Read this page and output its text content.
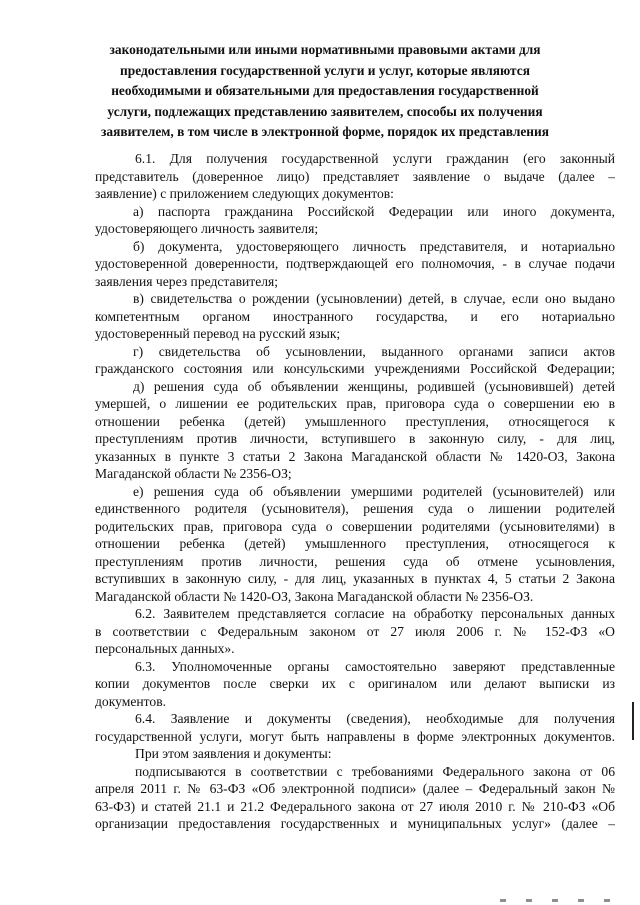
законодательными или иными нормативными правовыми актами для
предоставления государственной услуги и услуг, которые являются
необходимыми и обязательными для предоставления государственной
услуги, подлежащих представлению заявителем, способы их получения
заявителем, в том числе в электронной форме, порядок их представления
6.1. Для получения государственной услуги гражданин (его законный
представитель (доверенное лицо) представляет заявление о выдаче (далее –
заявление) с приложением следующих документов:
а) паспорта гражданина Российской Федерации или иного документа,
удостоверяющего личность заявителя;
б) документа, удостоверяющего личность представителя, и нотариально
удостоверенной доверенности, подтверждающей его полномочия, - в случае подачи
заявления через представителя;
в) свидетельства о рождении (усыновлении) детей, в случае, если оно выдано
компетентным органом иностранного государства, и его нотариально
удостоверенный перевод на русский язык;
г) свидетельства об усыновлении, выданного органами записи актов
гражданского состояния или консульскими учреждениями Российской Федерации;
д) решения суда об объявлении женщины, родившей (усыновившей) детей
умершей, о лишении ее родительских прав, приговора суда о совершении ею в
отношении ребенка (детей) умышленного преступления, относящегося к
преступлениям против личности, вступившего в законную силу, - для лиц,
указанных в пункте 3 статьи 2 Закона Магаданской области № 1420-ОЗ, Закона
Магаданской области № 2356-ОЗ;
е) решения суда об объявлении умершими родителей (усыновителей) или
единственного родителя (усыновителя), решения суда о лишении родителей
родительских прав, приговора суда о совершении родителями (усыновителями) в
отношении ребенка (детей) умышленного преступления, относящегося к
преступлениям против личности, решения суда об отмене усыновления,
вступивших в законную силу, - для лиц, указанных в пунктах 4, 5 статьи 2 Закона
Магаданской области № 1420-ОЗ, Закона Магаданской области № 2356-ОЗ.
6.2. Заявителем представляется согласие на обработку персональных данных
в соответствии с Федеральным законом от 27 июля 2006 г. № 152-ФЗ «О
персональных данных».
6.3. Уполномоченные органы самостоятельно заверяют представленные
копии документов после сверки их с оригиналом или делают выписки из
документов.
6.4. Заявление и документы (сведения), необходимые для получения
государственной услуги, могут быть направлены в форме электронных документов.
При этом заявления и документы:
подписываются в соответствии с требованиями Федерального закона от 06
апреля 2011 г. № 63-ФЗ «Об электронной подписи» (далее – Федеральный закон №
63-ФЗ) и статей 21.1 и 21.2 Федерального закона от 27 июля 2010 г. № 210-ФЗ «Об
организации предоставления государственных и муниципальных услуг» (далее –
